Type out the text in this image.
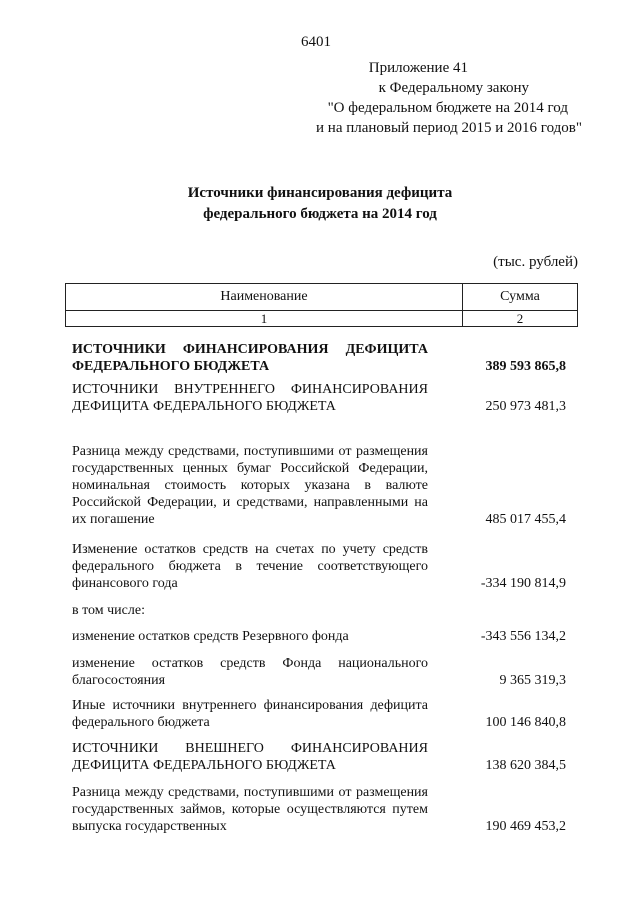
6401
Приложение 41
к Федеральному закону
"О федеральном бюджете на 2014 год
и на плановый период 2015 и 2016 годов"
Источники финансирования дефицита
федерального бюджета на 2014 год
(тыс. рублей)
Наименование	Сумма
1	2
ИСТОЧНИКИ ФИНАНСИРОВАНИЯ ДЕФИЦИТА ФЕДЕРАЛЬНОГО БЮДЖЕТА	389 593 865,8
ИСТОЧНИКИ ВНУТРЕННЕГО ФИНАНСИРОВАНИЯ ДЕФИЦИТА ФЕДЕРАЛЬНОГО БЮДЖЕТА	250 973 481,3
Разница между средствами, поступившими от размещения государственных ценных бумаг Российской Федерации, номинальная стоимость которых указана в валюте Российской Федерации, и средствами, направленными на их погашение	485 017 455,4
Изменение остатков средств на счетах по учету средств федерального бюджета в течение соответствующего финансового года	-334 190 814,9
в том числе:
изменение остатков средств Резервного фонда	-343 556 134,2
изменение остатков средств Фонда национального благосостояния	9 365 319,3
Иные источники внутреннего финансирования дефицита федерального бюджета	100 146 840,8
ИСТОЧНИКИ ВНЕШНЕГО ФИНАНСИРОВАНИЯ ДЕФИЦИТА ФЕДЕРАЛЬНОГО БЮДЖЕТА	138 620 384,5
Разница между средствами, поступившими от размещения государственных займов, которые осуществляются путем выпуска государственных	190 469 453,2
